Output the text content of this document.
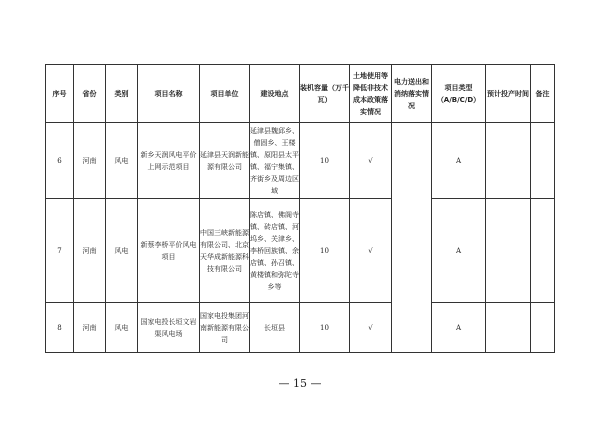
序号	省份	类别	项目名称	项目单位	建设地点	装机容量（万千瓦）	土地使用等降低非技术成本政策落实情况	电力送出和消纳落实情况	项目类型（A/B/C/D）	预计投产时间	备注
6	河南	风电	新乡天润风电平价上网示范项目	延津县天润新能源有限公司	延津县魏邱乡、僧固乡、王楼镇、原阳县太平镇、福宁集镇、齐街乡及周边区域	10	√		A		
7	河南	风电	新蔡李桥平价风电项目	中国三峡新能源有限公司、北京天华成新能源科技有限公司	陈店镇、佛阁寺镇、砖店镇、河坞乡、关津乡、李桥回族镇、余店镇、孙召镇、黄楼镇和弥陀寺乡等	10	√		A		
8	河南	风电	国家电投长垣文岩渠风电场	国家电投集团河南新能源有限公司	长垣县	10	√		A		
— 15 —
